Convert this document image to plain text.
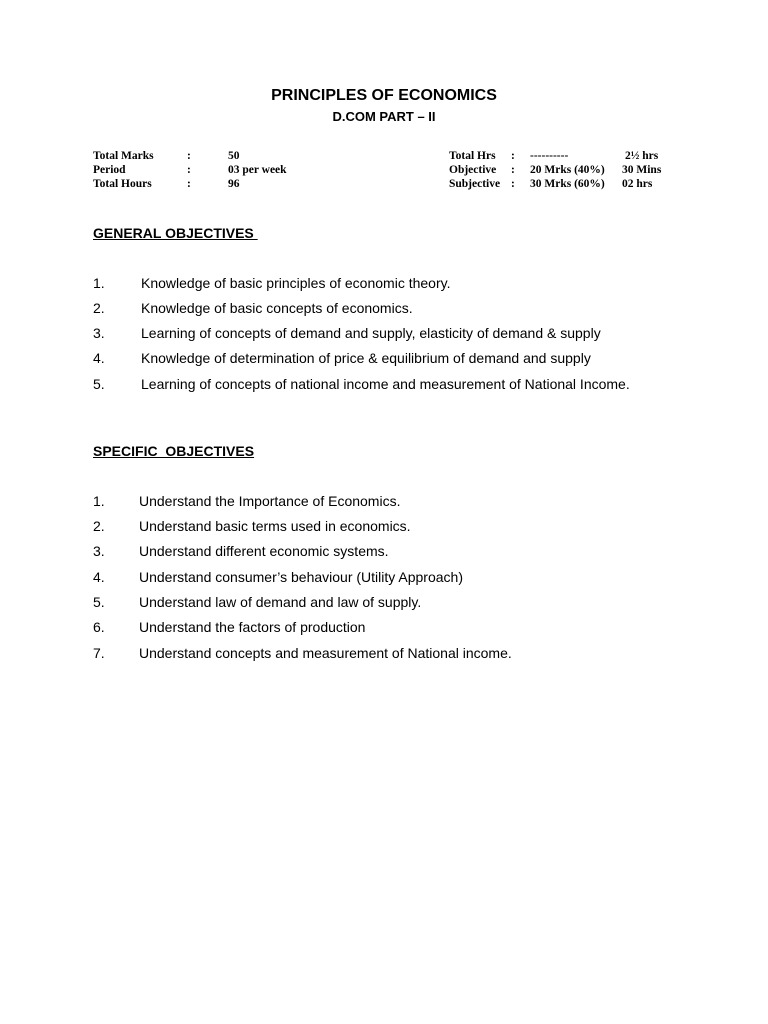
PRINCIPLES OF ECONOMICS
D.COM PART – II
Total Marks	:	50
Period	:	03 per week
Total Hours	:	96
Total Hrs : ----------	2½ hrs
Objective : 20 Mrks (40%) 30 Mins
Subjective : 30 Mrks (60%) 02 hrs
GENERAL OBJECTIVES
1.	Knowledge of basic principles of economic theory.
2.	Knowledge of basic concepts of economics.
3.	Learning of concepts of demand and supply, elasticity of demand & supply
4.	Knowledge of determination of price & equilibrium of demand and supply
5.	Learning of concepts of national income and measurement of National Income.
SPECIFIC  OBJECTIVES
1. Understand the Importance of Economics.
2. Understand basic terms used in economics.
3. Understand different economic systems.
4. Understand consumer’s behaviour (Utility Approach)
5. Understand law of demand and law of supply.
6. Understand the factors of production
7. Understand concepts and measurement of National income.
